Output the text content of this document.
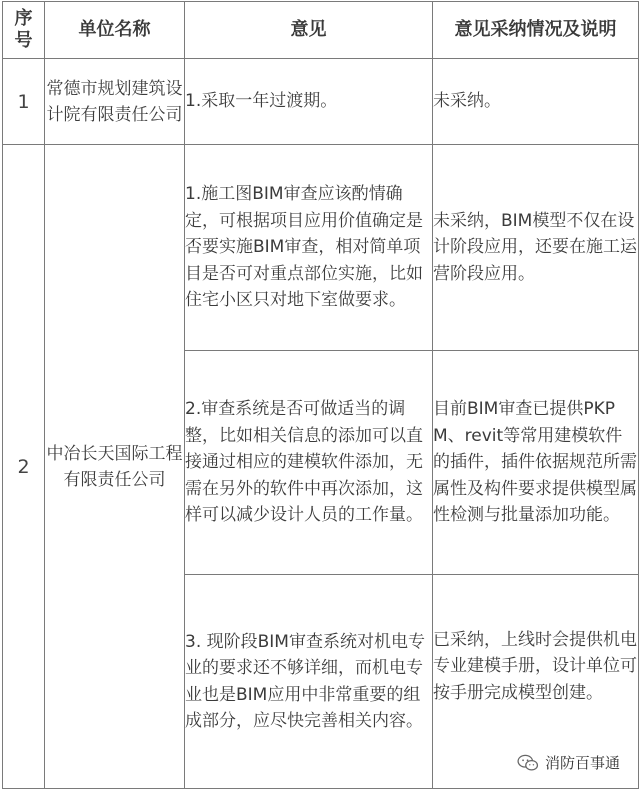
序号	单位名称	意见	意见采纳情况及说明
1	常德市规划建筑设计院有限责任公司	1.采取一年过渡期。	未采纳。
2	中冶长天国际工程有限责任公司	1.施工图BIM审查应该酌情确定，可根据项目应用价值确定是否要实施BIM审查，相对简单项目是否可对重点部位实施，比如住宅小区只对地下室做要求。	未采纳，BIM模型不仅在设计阶段应用，还要在施工运营阶段应用。
		2.审查系统是否可做适当的调整，比如相关信息的添加可以直接通过相应的建模软件添加，无需在另外的软件中再次添加，这样可以减少设计人员的工作量。	目前BIM审查已提供PKPM、revit等常用建模软件的插件，插件依据规范所需属性及构件要求提供模型属性检测与批量添加功能。
		3. 现阶段BIM审查系统对机电专业的要求还不够详细，而机电专业也是BIM应用中非常重要的组成部分，应尽快完善相关内容。	已采纳，上线时会提供机电专业建模手册，设计单位可按手册完成模型创建。
消防百事通
